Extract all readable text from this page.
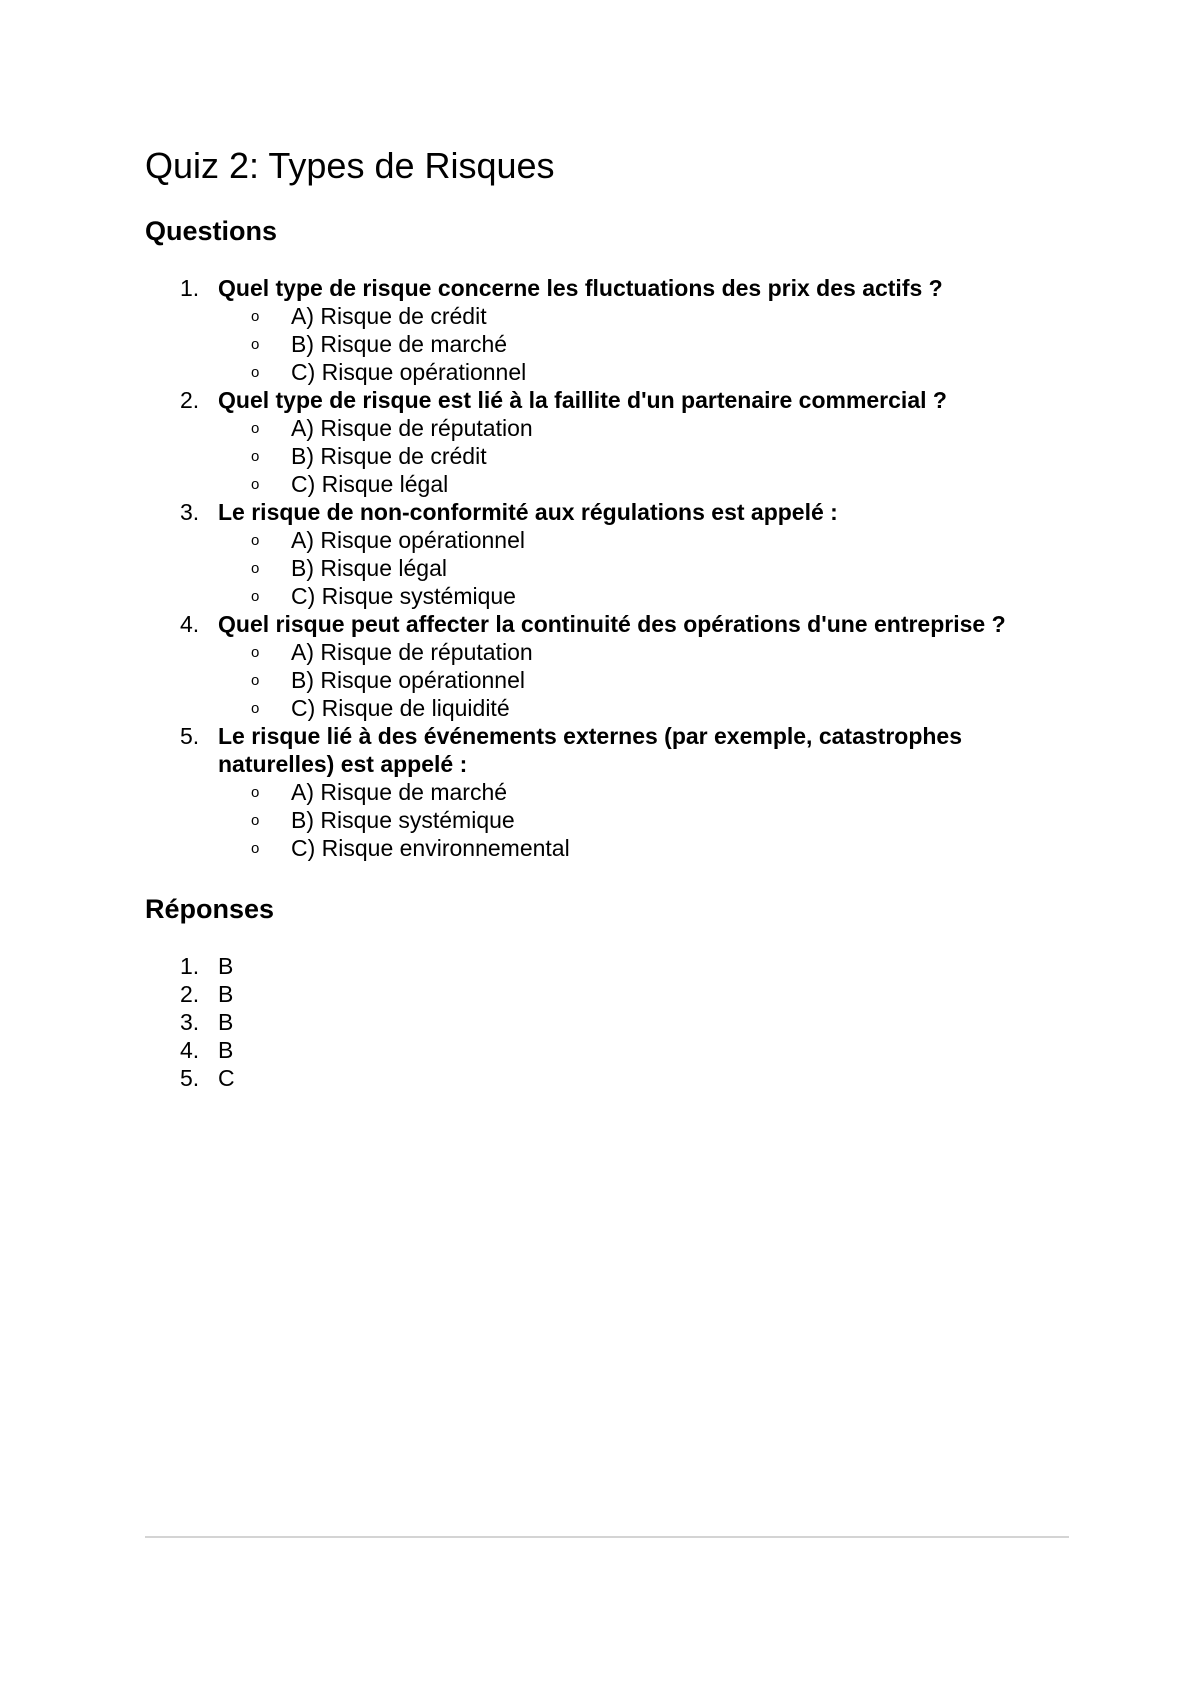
Quiz 2: Types de Risques
Questions
1. Quel type de risque concerne les fluctuations des prix des actifs ?
o A) Risque de crédit
o B) Risque de marché
o C) Risque opérationnel
2. Quel type de risque est lié à la faillite d'un partenaire commercial ?
o A) Risque de réputation
o B) Risque de crédit
o C) Risque légal
3. Le risque de non-conformité aux régulations est appelé :
o A) Risque opérationnel
o B) Risque légal
o C) Risque systémique
4. Quel risque peut affecter la continuité des opérations d'une entreprise ?
o A) Risque de réputation
o B) Risque opérationnel
o C) Risque de liquidité
5. Le risque lié à des événements externes (par exemple, catastrophes naturelles) est appelé :
o A) Risque de marché
o B) Risque systémique
o C) Risque environnemental
Réponses
1. B
2. B
3. B
4. B
5. C
